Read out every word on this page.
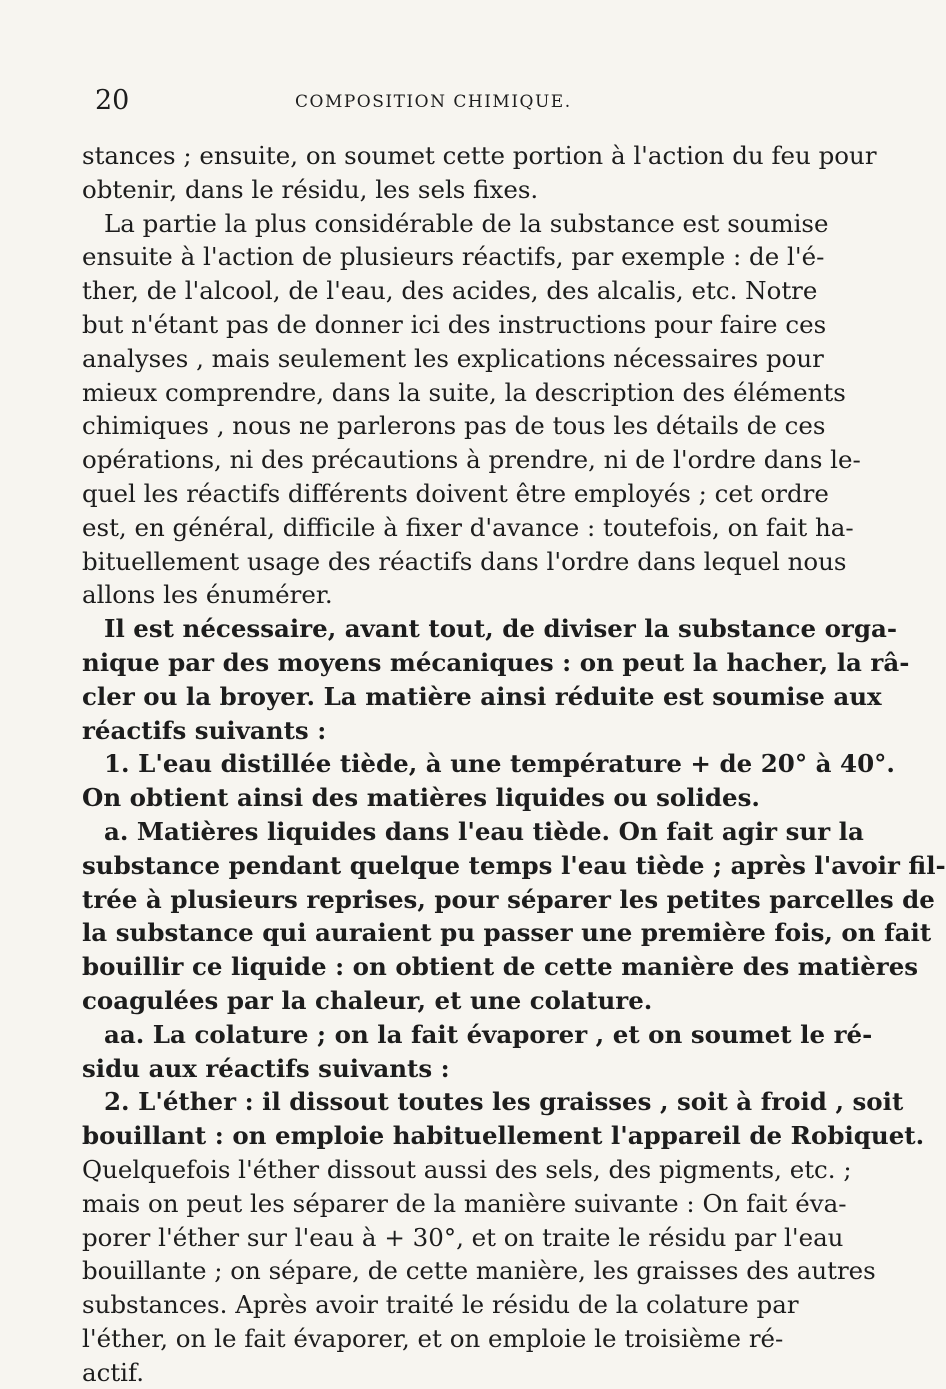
20	COMPOSITION CHIMIQUE.
stances ; ensuite, on soumet cette portion à l'action du feu pour
obtenir, dans le résidu, les sels fixes.
La partie la plus considérable de la substance est soumise
ensuite à l'action de plusieurs réactifs, par exemple : de l'é-
ther, de l'alcool, de l'eau, des acides, des alcalis, etc. Notre
but n'étant pas de donner ici des instructions pour faire ces
analyses , mais seulement les explications nécessaires pour
mieux comprendre, dans la suite, la description des éléments
chimiques , nous ne parlerons pas de tous les détails de ces
opérations, ni des précautions à prendre, ni de l'ordre dans le-
quel les réactifs différents doivent être employés ; cet ordre
est, en général, difficile à fixer d'avance : toutefois, on fait ha-
bituellement usage des réactifs dans l'ordre dans lequel nous
allons les énumérer.
Il est nécessaire, avant tout, de diviser la substance orga-
nique par des moyens mécaniques : on peut la hacher, la râ-
cler ou la broyer. La matière ainsi réduite est soumise aux
réactifs suivants :
1. L'eau distillée tiède, à une température + de 20° à 40°.
On obtient ainsi des matières liquides ou solides.
a. Matières liquides dans l'eau tiède. On fait agir sur la
substance pendant quelque temps l'eau tiède ; après l'avoir fil-
trée à plusieurs reprises, pour séparer les petites parcelles de
la substance qui auraient pu passer une première fois, on fait
bouillir ce liquide : on obtient de cette manière des matières
coagulées par la chaleur, et une colature.
aa. La colature ; on la fait évaporer , et on soumet le ré-
sidu aux réactifs suivants :
2. L'éther : il dissout toutes les graisses , soit à froid , soit
bouillant : on emploie habituellement l'appareil de Robiquet.
Quelquefois l'éther dissout aussi des sels, des pigments, etc. ;
mais on peut les séparer de la manière suivante : On fait éva-
porer l'éther sur l'eau à + 30°, et on traite le résidu par l'eau
bouillante ; on sépare, de cette manière, les graisses des autres
substances. Après avoir traité le résidu de la colature par
l'éther, on le fait évaporer, et on emploie le troisième ré-
actif.
